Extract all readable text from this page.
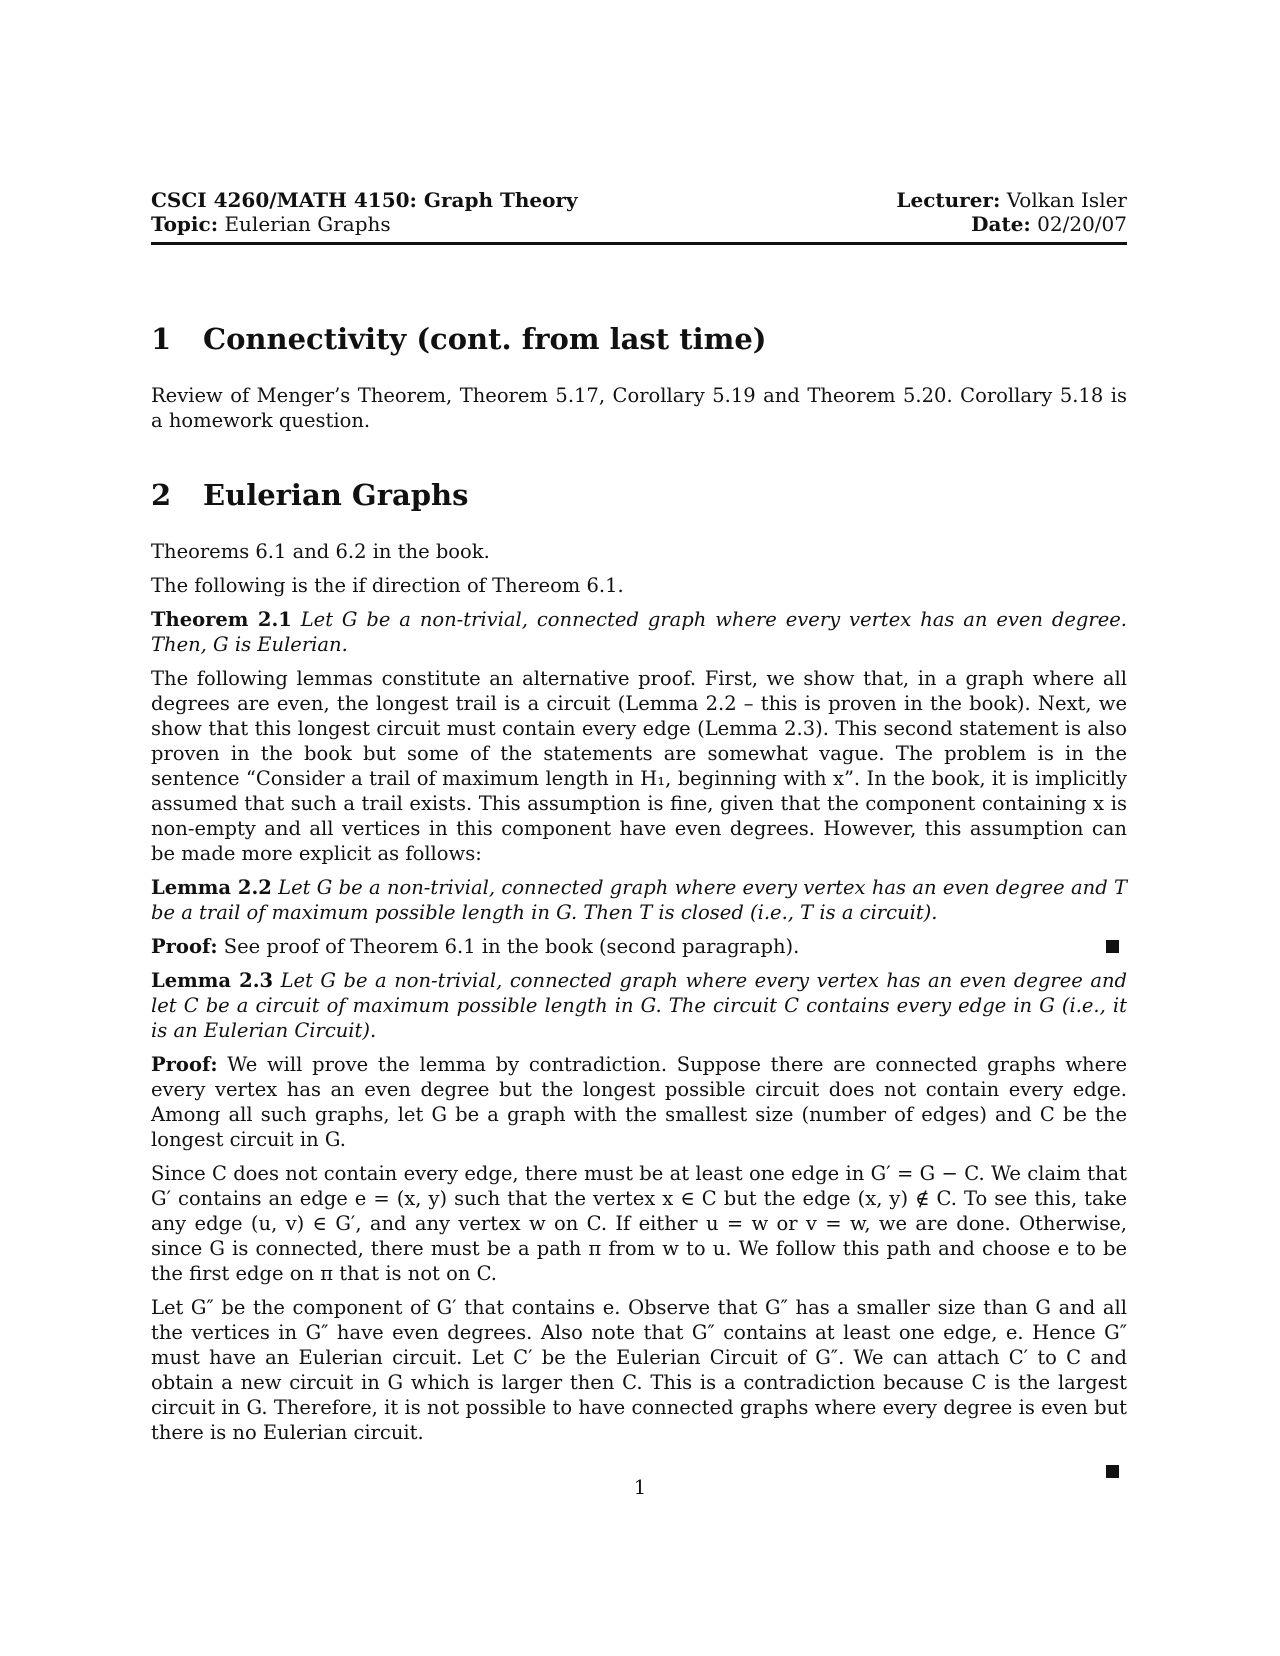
CSCI 4260/MATH 4150: Graph Theory
Topic: Eulerian Graphs
Lecturer: Volkan Isler
Date: 02/20/07
1 Connectivity (cont. from last time)

Review of Menger’s Theorem, Theorem 5.17, Corollary 5.19 and Theorem 5.20. Corollary 5.18 is a homework question.

2 Eulerian Graphs

Theorems 6.1 and 6.2 in the book.

The following is the if direction of Thereom 6.1.

Theorem 2.1 Let G be a non-trivial, connected graph where every vertex has an even degree. Then, G is Eulerian.

The following lemmas constitute an alternative proof. First, we show that, in a graph where all degrees are even, the longest trail is a circuit (Lemma 2.2 – this is proven in the book). Next, we show that this longest circuit must contain every edge (Lemma 2.3). This second statement is also proven in the book but some of the statements are somewhat vague. The problem is in the sentence “Consider a trail of maximum length in H₁, beginning with x”. In the book, it is implicitly assumed that such a trail exists. This assumption is fine, given that the component containing x is non-empty and all vertices in this component have even degrees. However, this assumption can be made more explicit as follows:

Lemma 2.2 Let G be a non-trivial, connected graph where every vertex has an even degree and T be a trail of maximum possible length in G. Then T is closed (i.e., T is a circuit).

Proof: See proof of Theorem 6.1 in the book (second paragraph).

Lemma 2.3 Let G be a non-trivial, connected graph where every vertex has an even degree and let C be a circuit of maximum possible length in G. The circuit C contains every edge in G (i.e., it is an Eulerian Circuit).

Proof: We will prove the lemma by contradiction. Suppose there are connected graphs where every vertex has an even degree but the longest possible circuit does not contain every edge. Among all such graphs, let G be a graph with the smallest size (number of edges) and C be the longest circuit in G.

Since C does not contain every edge, there must be at least one edge in G′ = G − C. We claim that G′ contains an edge e = (x, y) such that the vertex x ∈ C but the edge (x, y) ∉ C. To see this, take any edge (u, v) ∈ G′, and any vertex w on C. If either u = w or v = w, we are done. Otherwise, since G is connected, there must be a path π from w to u. We follow this path and choose e to be the first edge on π that is not on C.

Let G″ be the component of G′ that contains e. Observe that G″ has a smaller size than G and all the vertices in G″ have even degrees. Also note that G″ contains at least one edge, e. Hence G″ must have an Eulerian circuit. Let C′ be the Eulerian Circuit of G″. We can attach C′ to C and obtain a new circuit in G which is larger then C. This is a contradiction because C is the largest circuit in G. Therefore, it is not possible to have connected graphs where every degree is even but there is no Eulerian circuit.

1
